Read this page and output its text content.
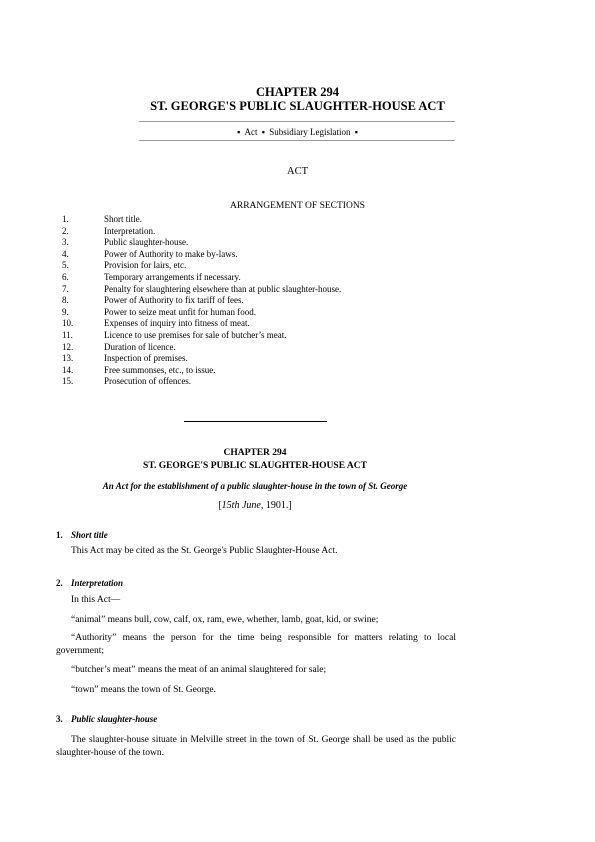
CHAPTER 294
ST. GEORGE'S PUBLIC SLAUGHTER-HOUSE ACT
▪ Act ▪ Subsidiary Legislation ▪
ACT
ARRANGEMENT OF SECTIONS
1.	Short title.
2.	Interpretation.
3.	Public slaughter-house.
4.	Power of Authority to make by-laws.
5.	Provision for lairs, etc.
6.	Temporary arrangements if necessary.
7.	Penalty for slaughtering elsewhere than at public slaughter-house.
8.	Power of Authority to fix tariff of fees.
9.	Power to seize meat unfit for human food.
10.	Expenses of inquiry into fitness of meat.
11.	Licence to use premises for sale of butcher’s meat.
12.	Duration of licence.
13.	Inspection of premises.
14.	Free summonses, etc., to issue.
15.	Prosecution of offences.
CHAPTER 294
ST. GEORGE'S PUBLIC SLAUGHTER-HOUSE ACT
An Act for the establishment of a public slaughter-house in the town of St. George
[15th June, 1901.]
1. Short title
This Act may be cited as the St. George's Public Slaughter-House Act.
2. Interpretation
In this Act—
“animal” means bull, cow, calf, ox, ram, ewe, whether, lamb, goat, kid, or swine;
“Authority” means the person for the time being responsible for matters relating to local government;
“butcher’s meat” means the meat of an animal slaughtered for sale;
“town” means the town of St. George.
3. Public slaughter-house
The slaughter-house situate in Melville street in the town of St. George shall be used as the public slaughter-house of the town.
